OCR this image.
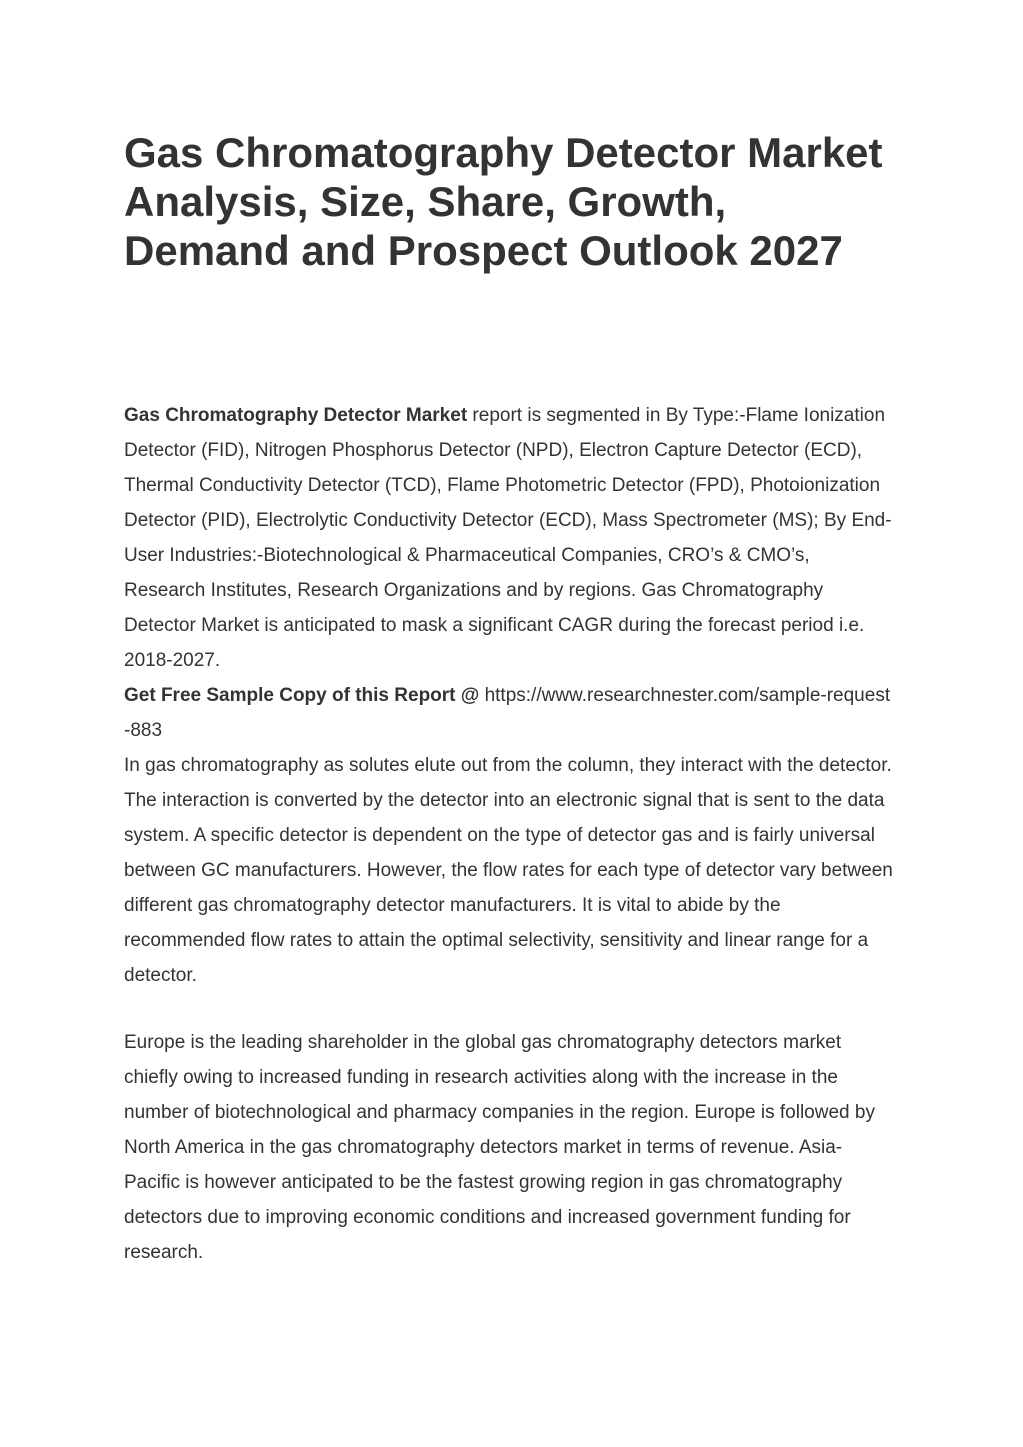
Gas Chromatography Detector Market Analysis, Size, Share, Growth, Demand and Prospect Outlook 2027

Gas Chromatography Detector Market report is segmented in By Type:-Flame Ionization Detector (FID), Nitrogen Phosphorus Detector (NPD), Electron Capture Detector (ECD), Thermal Conductivity Detector (TCD), Flame Photometric Detector (FPD), Photoionization Detector (PID), Electrolytic Conductivity Detector (ECD), Mass Spectrometer (MS); By End-User Industries:-Biotechnological & Pharmaceutical Companies, CRO’s & CMO’s, Research Institutes, Research Organizations and by regions. Gas Chromatography Detector Market is anticipated to mask a significant CAGR during the forecast period i.e. 2018-2027.

Get Free Sample Copy of this Report @ https://www.researchnester.com/sample-request-883

In gas chromatography as solutes elute out from the column, they interact with the detector. The interaction is converted by the detector into an electronic signal that is sent to the data system. A specific detector is dependent on the type of detector gas and is fairly universal between GC manufacturers. However, the flow rates for each type of detector vary between different gas chromatography detector manufacturers. It is vital to abide by the recommended flow rates to attain the optimal selectivity, sensitivity and linear range for a detector.

Europe is the leading shareholder in the global gas chromatography detectors market chiefly owing to increased funding in research activities along with the increase in the number of biotechnological and pharmacy companies in the region. Europe is followed by North America in the gas chromatography detectors market in terms of revenue. Asia-Pacific is however anticipated to be the fastest growing region in gas chromatography detectors due to improving economic conditions and increased government funding for research.
